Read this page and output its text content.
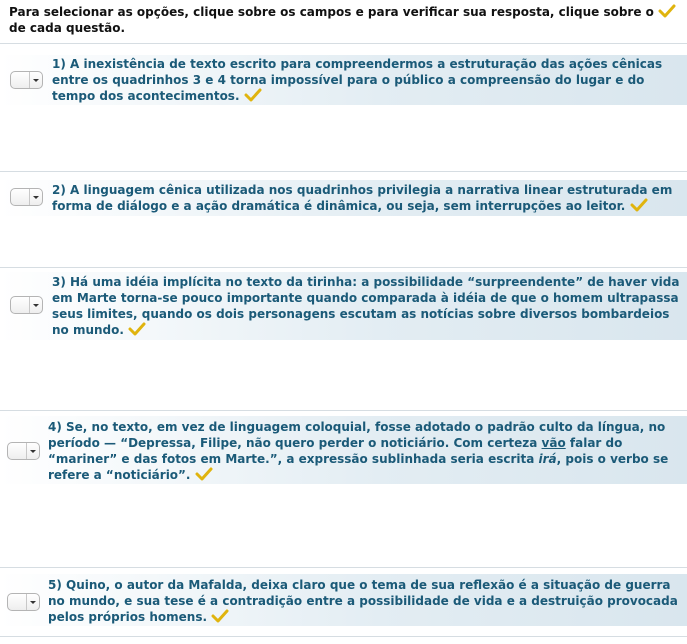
Para selecionar as opções, clique sobre os campos e para verificar sua resposta, clique sobre o

de cada questão.
1) A inexistência de texto escrito para compreendermos a estruturação das ações cênicas entre os quadrinhos 3 e 4 torna impossível para o público a compreensão do lugar e do tempo dos acontecimentos.
2) A linguagem cênica utilizada nos quadrinhos privilegia a narrativa linear estruturada em forma de diálogo e a ação dramática é dinâmica, ou seja, sem interrupções ao leitor.
3) Há uma idéia implícita no texto da tirinha: a possibilidade “surpreendente” de haver vida em Marte torna-se pouco importante quando comparada à idéia de que o homem ultrapassa seus limites, quando os dois personagens escutam as notícias sobre diversos bombardeios no mundo.
4) Se, no texto, em vez de linguagem coloquial, fosse adotado o padrão culto da língua, no período — “Depressa, Filipe, não quero perder o noticiário. Com certeza vão falar do “mariner” e das fotos em Marte.”, a expressão sublinhada seria escrita irá, pois o verbo se refere a “noticiário”.
5) Quino, o autor da Mafalda, deixa claro que o tema de sua reflexão é a situação de guerra no mundo, e sua tese é a contradição entre a possibilidade de vida e a destruição provocada pelos próprios homens.
